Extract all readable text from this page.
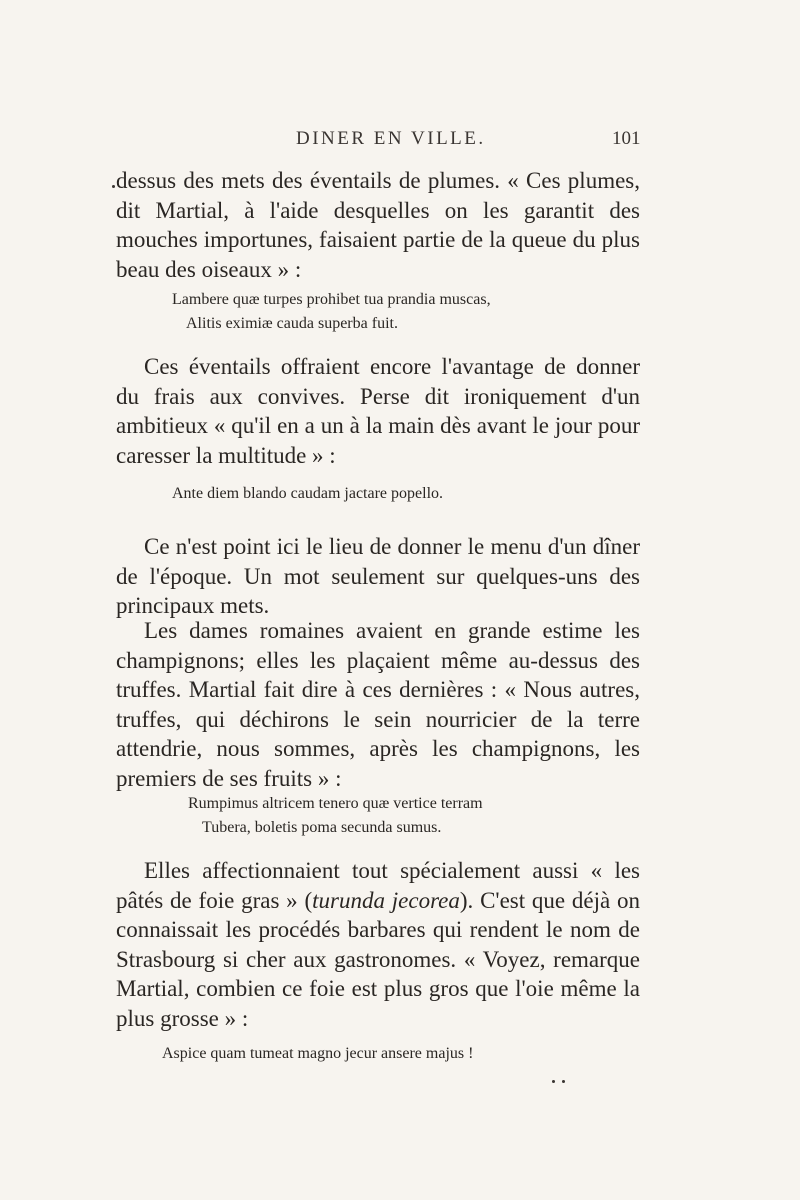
DINER EN VILLE.	101

dessus des mets des éventails de plumes. « Ces plumes, dit Martial, à l'aide desquelles on les garantit des mouches importunes, faisaient partie de la queue du plus beau des oiseaux » :

Lambere quæ turpes prohibet tua prandia muscas,
Alitis eximiæ cauda superba fuit.

Ces éventails offraient encore l'avantage de donner du frais aux convives. Perse dit ironiquement d'un ambitieux « qu'il en a un à la main dès avant le jour pour caresser la multitude » :

Ante diem blando caudam jactare popello.

Ce n'est point ici le lieu de donner le menu d'un dîner de l'époque. Un mot seulement sur quelques-uns des principaux mets.

Les dames romaines avaient en grande estime les champignons; elles les plaçaient même au-dessus des truffes. Martial fait dire à ces dernières : « Nous autres, truffes, qui déchirons le sein nourricier de la terre attendrie, nous sommes, après les champignons, les premiers de ses fruits » :

Rumpimus altricem tenero quæ vertice terram
Tubera, boletis poma secunda sumus.

Elles affectionnaient tout spécialement aussi « les pâtés de foie gras » (turunda jecorea). C'est que déjà on connaissait les procédés barbares qui rendent le nom de Strasbourg si cher aux gastronomes. « Voyez, remarque Martial, combien ce foie est plus gros que l'oie même la plus grosse » :

Aspice quam tumeat magno jecur ansere majus !
